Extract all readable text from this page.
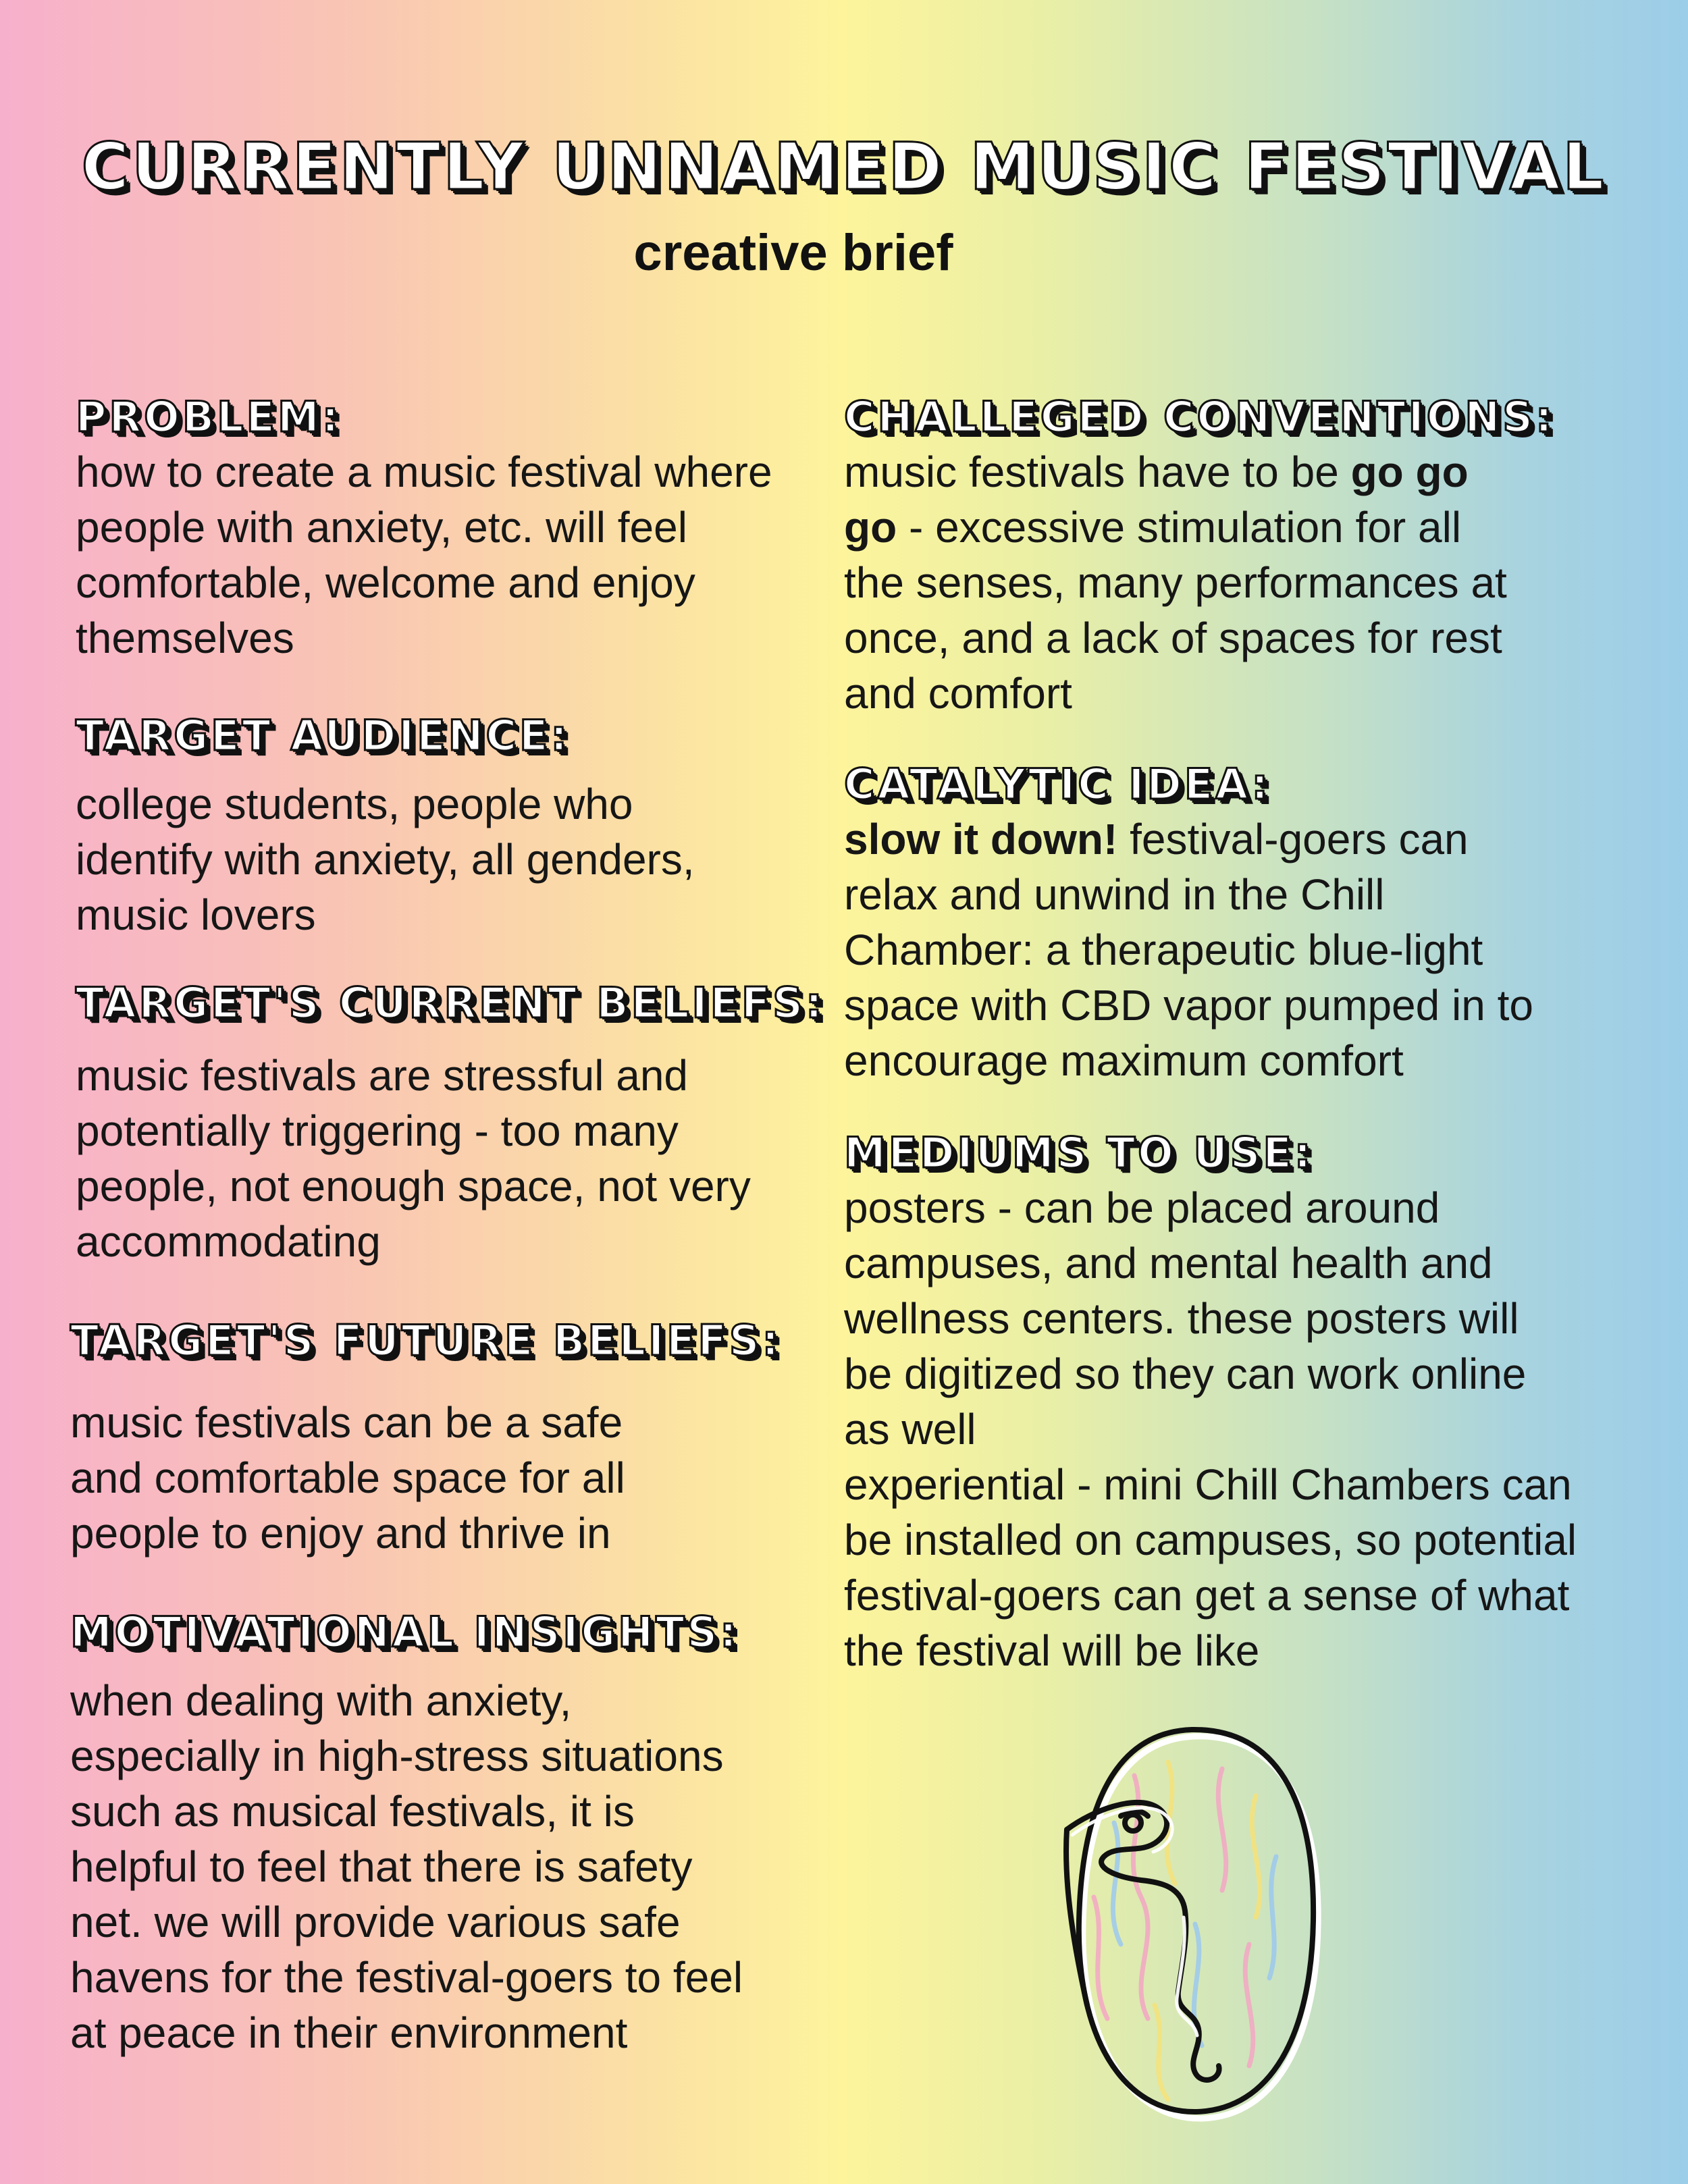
CURRENTLY UNNAMED MUSIC FESTIVAL
creative brief
PROBLEM:

how to create a music festival where people with anxiety, etc. will feel comfortable, welcome and enjoy themselves

TARGET AUDIENCE:

college students, people who identify with anxiety, all genders, music lovers

TARGET'S CURRENT BELIEFS:

music festivals are stressful and potentially triggering - too many people, not enough space, not very accommodating

TARGET'S FUTURE BELIEFS:

music festivals can be a safe and comfortable space for all people to enjoy and thrive in

MOTIVATIONAL INSIGHTS:

when dealing with anxiety, especially in high-stress situations such as musical festivals, it is helpful to feel that there is safety net. we will provide various safe havens for the festival-goers to feel at peace in their environment

CHALLEGED CONVENTIONS:

music festivals have to be go go go - excessive stimulation for all the senses, many performances at once, and a lack of spaces for rest and comfort

CATALYTIC IDEA:

slow it down! festival-goers can relax and unwind in the Chill Chamber: a therapeutic blue-light space with CBD vapor pumped in to encourage maximum comfort

MEDIUMS TO USE:

posters - can be placed around campuses, and mental health and wellness centers. these posters will be digitized so they can work online as well

experiential - mini Chill Chambers can be installed on campuses, so potential festival-goers can get a sense of what the festival will be like
